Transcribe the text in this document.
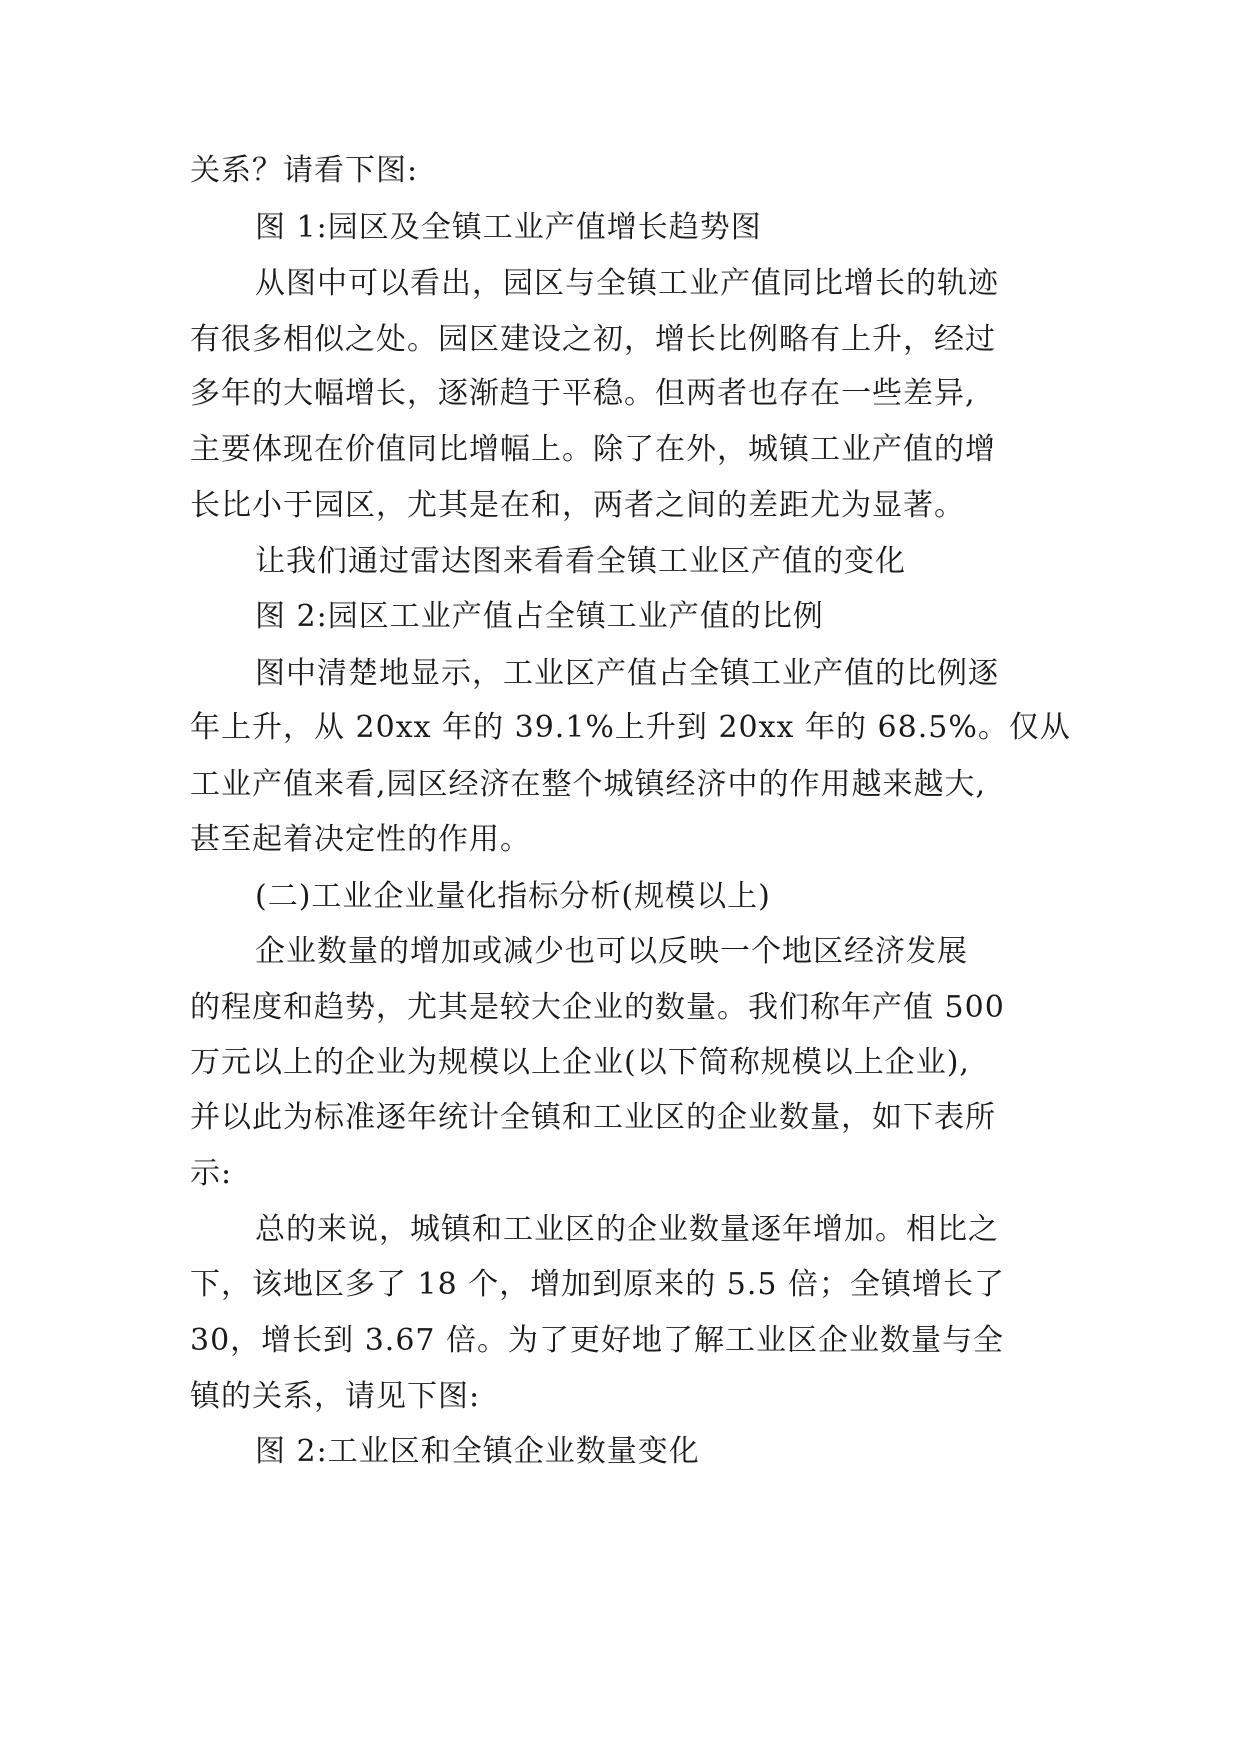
关系？请看下图:
图 1:园区及全镇工业产值增长趋势图
从图中可以看出，园区与全镇工业产值同比增长的轨迹
有很多相似之处。园区建设之初，增长比例略有上升，经过
多年的大幅增长，逐渐趋于平稳。但两者也存在一些差异,
主要体现在价值同比增幅上。除了在外，城镇工业产值的增
长比小于园区，尤其是在和，两者之间的差距尤为显著。
让我们通过雷达图来看看全镇工业区产值的变化
图 2:园区工业产值占全镇工业产值的比例
图中清楚地显示，工业区产值占全镇工业产值的比例逐
年上升，从 20xx 年的 39.1%上升到 20xx 年的 68.5%。仅从
工业产值来看,园区经济在整个城镇经济中的作用越来越大,
甚至起着决定性的作用。
(二)工业企业量化指标分析(规模以上)
企业数量的增加或减少也可以反映一个地区经济发展
的程度和趋势，尤其是较大企业的数量。我们称年产值 500
万元以上的企业为规模以上企业(以下简称规模以上企业),
并以此为标准逐年统计全镇和工业区的企业数量，如下表所
示:
总的来说，城镇和工业区的企业数量逐年增加。相比之
下，该地区多了 18 个，增加到原来的 5.5 倍；全镇增长了
30，增长到 3.67 倍。为了更好地了解工业区企业数量与全
镇的关系，请见下图:
图 2:工业区和全镇企业数量变化
